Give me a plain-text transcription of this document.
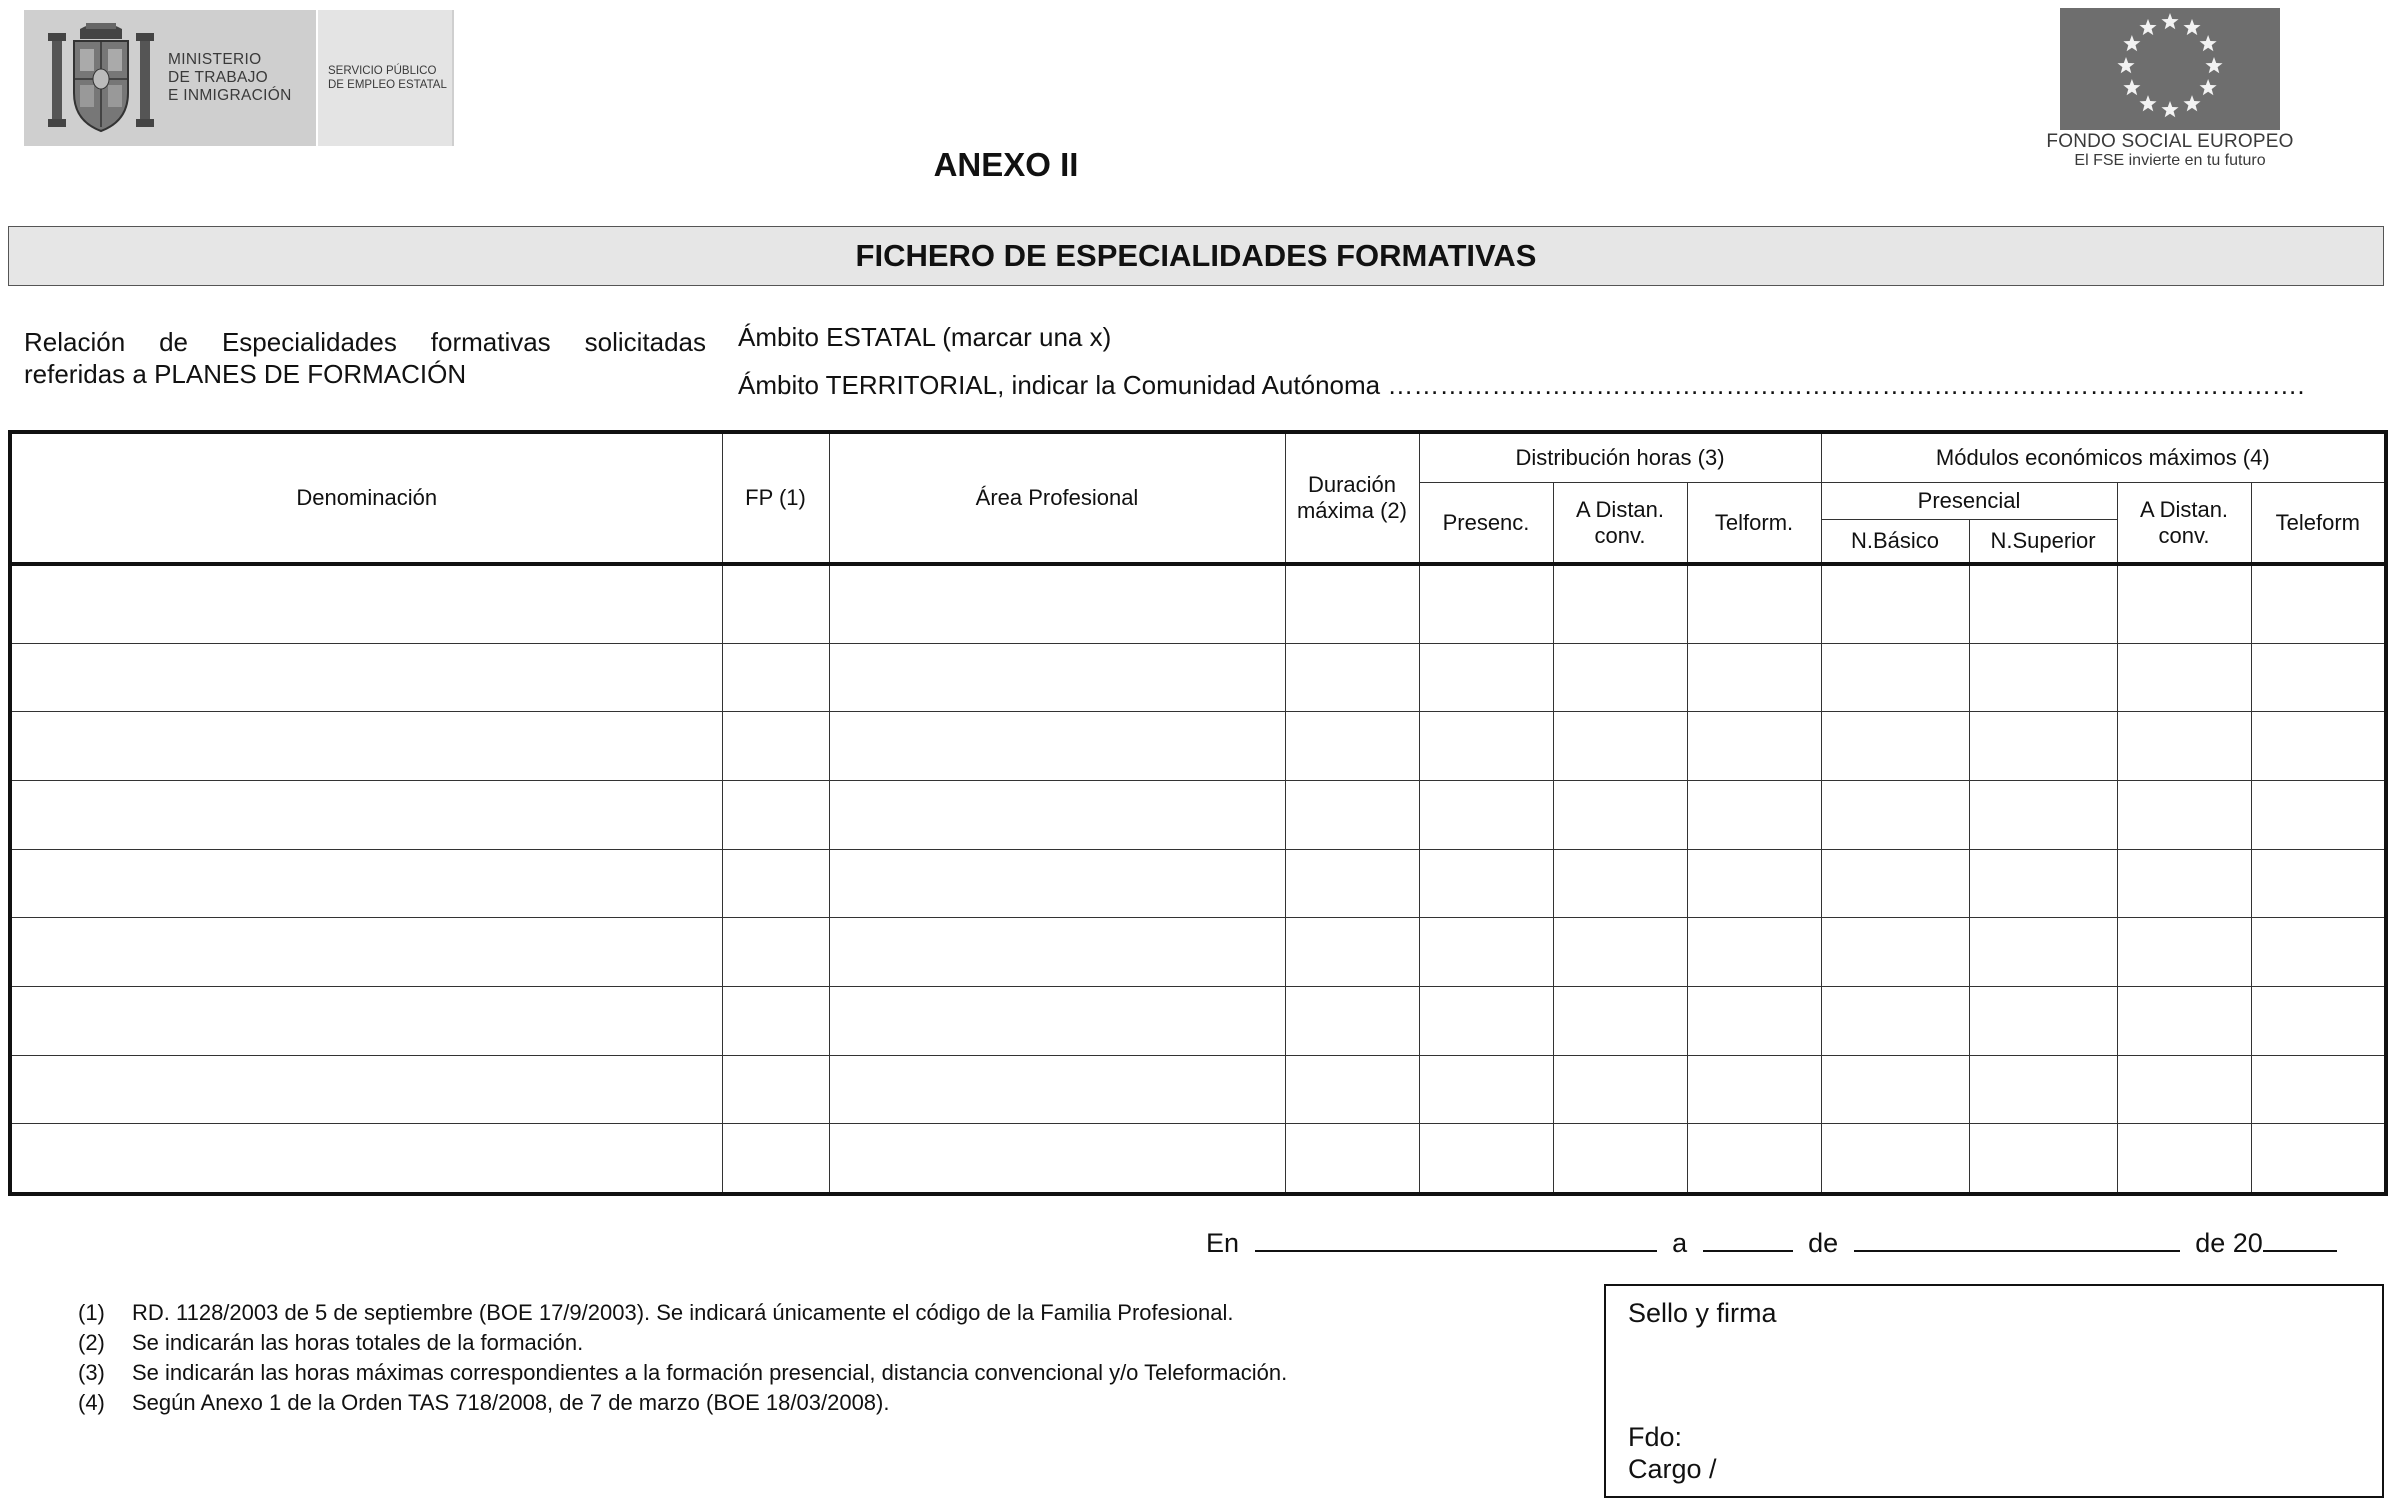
MINISTERIO
DE TRABAJO
E INMIGRACIÓN
SERVICIO PÚBLICO
DE EMPLEO ESTATAL
FONDO SOCIAL EUROPEO
El FSE invierte en tu futuro
ANEXO II
FICHERO DE ESPECIALIDADES FORMATIVAS
Relación de Especialidades formativas solicitadas referidas a PLANES DE FORMACIÓN
Ámbito ESTATAL (marcar una x)
Ámbito TERRITORIAL, indicar la Comunidad Autónoma …………………………………………………………………………………………….
Denominación	FP (1)	Área Profesional	Duración máxima (2)	Distribución horas (3)			Módulos económicos máximos (4)			
				Presenc.	A Distan. conv.	Telform.	Presencial		A Distan. conv.	Teleform
							N.Básico	N.Superior		

En	a	de	de 20
(1)	RD. 1128/2003 de 5 de septiembre (BOE 17/9/2003). Se indicará únicamente el código de la Familia Profesional.
(2)	Se indicarán las horas totales de la formación.
(3)	Se indicarán las horas máximas correspondientes a la formación presencial, distancia convencional y/o Teleformación.
(4)	Según Anexo 1 de la Orden TAS 718/2008, de 7 de marzo (BOE 18/03/2008).
Sello y firma
Fdo:
Cargo /
